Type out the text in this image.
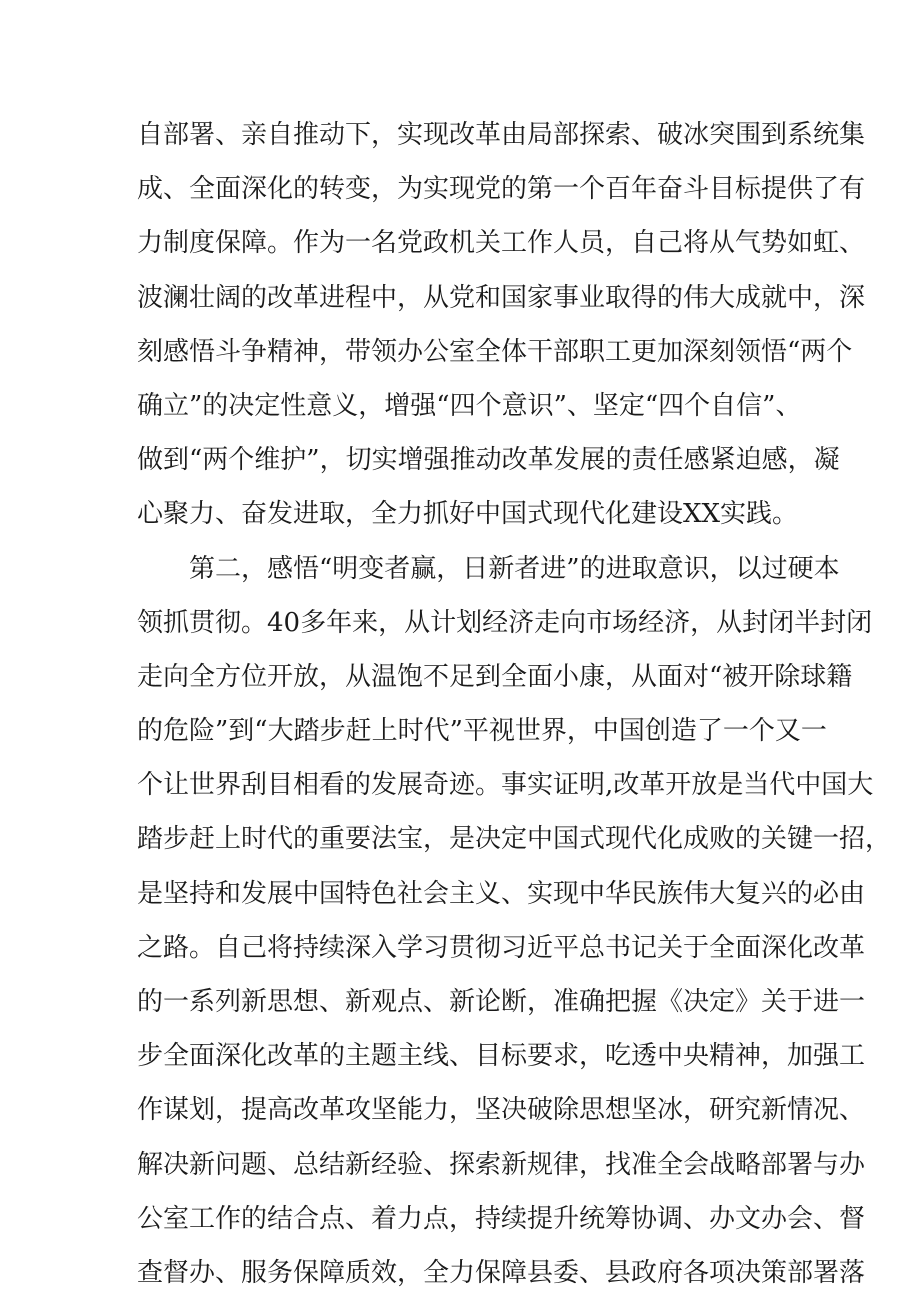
自部署、亲自推动下，实现改革由局部探索、破冰突围到系统集
成、全面深化的转变，为实现党的第一个百年奋斗目标提供了有
力制度保障。作为一名党政机关工作人员，自己将从气势如虹、
波澜壮阔的改革进程中，从党和国家事业取得的伟大成就中，深
刻感悟斗争精神，带领办公室全体干部职工更加深刻领悟“两个
确立”的决定性意义，增强“四个意识”、坚定“四个自信”、
做到“两个维护”，切实增强推动改革发展的责任感紧迫感，凝
心聚力、奋发进取，全力抓好中国式现代化建设XX实践。
第二，感悟“明变者赢，日新者进”的进取意识，以过硬本
领抓贯彻。40多年来，从计划经济走向市场经济，从封闭半封闭
走向全方位开放，从温饱不足到全面小康，从面对“被开除球籍
的危险”到“大踏步赶上时代”平视世界，中国创造了一个又一
个让世界刮目相看的发展奇迹。事实证明,改革开放是当代中国大
踏步赶上时代的重要法宝，是决定中国式现代化成败的关键一招，
是坚持和发展中国特色社会主义、实现中华民族伟大复兴的必由
之路。自己将持续深入学习贯彻习近平总书记关于全面深化改革
的一系列新思想、新观点、新论断，准确把握《决定》关于进一
步全面深化改革的主题主线、目标要求，吃透中央精神，加强工
作谋划，提高改革攻坚能力，坚决破除思想坚冰，研究新情况、
解决新问题、总结新经验、探索新规律，找准全会战略部署与办
公室工作的结合点、着力点，持续提升统筹协调、办文办会、督
查督办、服务保障质效，全力保障县委、县政府各项决策部署落
